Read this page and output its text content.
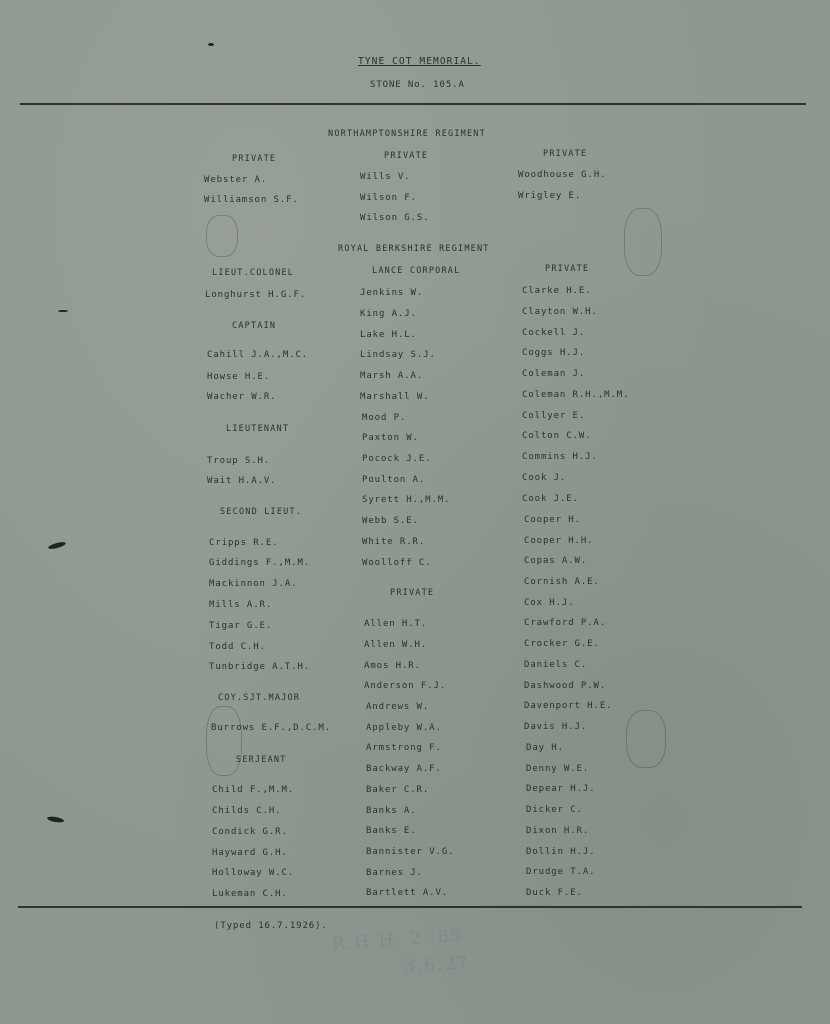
TYNE COT MEMORIAL.
STONE No. 105.A
NORTHAMPTONSHIRE REGIMENT
PRIVATE
Webster A.
Williamson S.F.
PRIVATE
Wills V.
Wilson F.
Wilson G.S.
PRIVATE
Woodhouse G.H.
Wrigley E.
ROYAL BERKSHIRE REGIMENT
LIEUT.COLONEL
Longhurst H.G.F.
CAPTAIN
Cahill J.A.,M.C.
Howse H.E.
Wacher W.R.
LIEUTENANT
Troup S.H.
Wait H.A.V.
SECOND LIEUT.
Cripps R.E.
Giddings F.,M.M.
Mackinnon J.A.
Mills A.R.
Tigar G.E.
Todd C.H.
Tunbridge A.T.H.
COY.SJT.MAJOR
Burrows E.F.,D.C.M.
SERJEANT
Child F.,M.M.
Childs C.H.
Condick G.R.
Hayward G.H.
Holloway W.C.
Lukeman C.H.
LANCE CORPORAL
Jenkins W.
King A.J.
Lake H.L.
Lindsay S.J.
Marsh A.A.
Marshall W.
Mood P.
Paxton W.
Pocock J.E.
Poulton A.
Syrett H.,M.M.
Webb S.E.
White R.R.
Woolloff C.
PRIVATE
Allen H.T.
Allen W.H.
Amos H.R.
Anderson F.J.
Andrews W.
Appleby W.A.
Armstrong F.
Backway A.F.
Baker C.R.
Banks A.
Banks E.
Bannister V.G.
Barnes J.
Bartlett A.V.
PRIVATE
Clarke H.E.
Clayton W.H.
Cockell J.
Coggs H.J.
Coleman J.
Coleman R.H.,M.M.
Collyer E.
Colton C.W.
Commins H.J.
Cook J.
Cook J.E.
Cooper H.
Cooper H.H.
Copas A.W.
Cornish A.E.
Cox H.J.
Crawford P.A.
Crocker G.E.
Daniels C.
Dashwood P.W.
Davenport H.E.
Davis H.J.
Day H.
Denny W.E.
Depear H.J.
Dicker C.
Dixon H.R.
Dollin H.J.
Drudge T.A.
Duck F.E.
(Typed 16.7.1926). R.H.H. 2. 85
3.6.27
